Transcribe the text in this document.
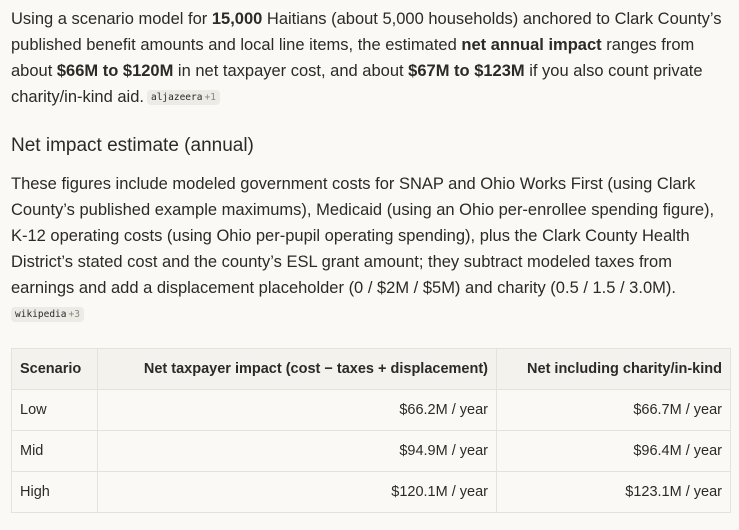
Using a scenario model for 15,000 Haitians (about 5,000 households) anchored to Clark County’s published benefit amounts and local line items, the estimated net annual impact ranges from about $66M to $120M in net taxpayer cost, and about $67M to $123M if you also count private charity/in-kind aid. aljazeera +1

Net impact estimate (annual)

These figures include modeled government costs for SNAP and Ohio Works First (using Clark County’s published example maximums), Medicaid (using an Ohio per-enrollee spending figure), K-12 operating costs (using Ohio per-pupil operating spending), plus the Clark County Health District’s stated cost and the county’s ESL grant amount; they subtract modeled taxes from earnings and add a displacement placeholder (0 / $2M / $5M) and charity (0.5 / 1.5 / 3.0M).
wikipedia +3

Scenario	Net taxpayer impact (cost − taxes + displacement)	Net including charity/in-kind
Low	$66.2M / year	$66.7M / year
Mid	$94.9M / year	$96.4M / year
High	$120.1M / year	$123.1M / year
